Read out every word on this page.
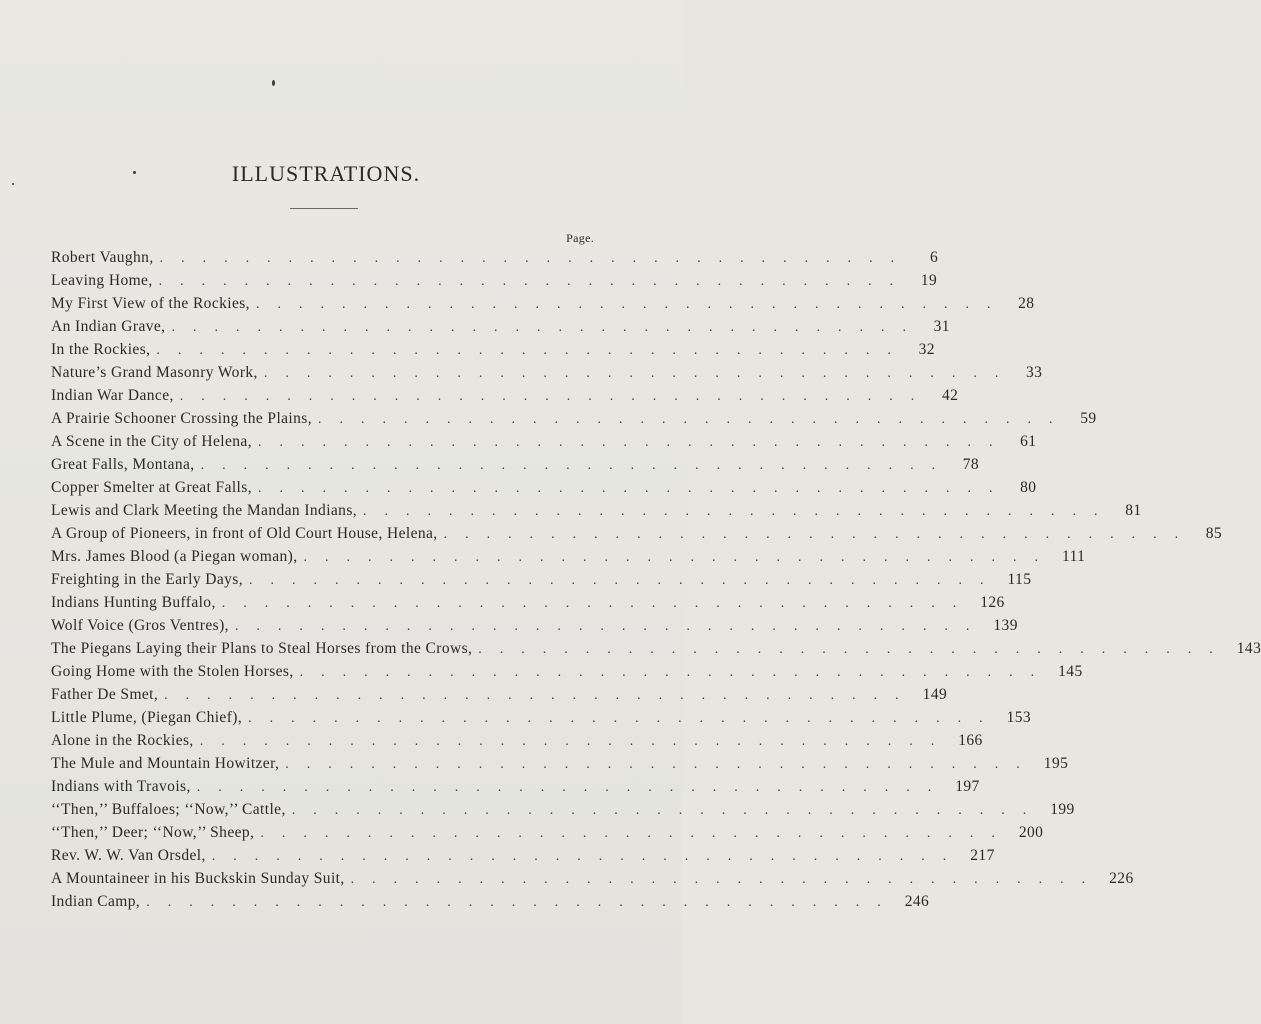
ILLUSTRATIONS.
Page.
Robert Vaughn, ...................................	6
Leaving Home, ................................... 19
My First View of the Rockies, ................................... 28
An Indian Grave, ................................... 31
In the Rockies, ................................... 32
Nature’s Grand Masonry Work, ................................... 33
Indian War Dance, ................................... 42
A Prairie Schooner Crossing the Plains, ................................... 59
A Scene in the City of Helena, ................................... 61
Great Falls, Montana, ................................... 78
Copper Smelter at Great Falls, ................................... 80
Lewis and Clark Meeting the Mandan Indians, ................................... 81
A Group of Pioneers, in front of Old Court House, Helena, ................................... 85
Mrs. James Blood (a Piegan woman), ................................... 111
Freighting in the Early Days, ................................... 115
Indians Hunting Buffalo, ................................... 126
Wolf Voice (Gros Ventres), ................................... 139
The Piegans Laying their Plans to Steal Horses from the Crows, ................................... 143
Going Home with the Stolen Horses, ................................... 145
Father De Smet, ................................... 149
Little Plume, (Piegan Chief), ................................... 153
Alone in the Rockies, ................................... 166
The Mule and Mountain Howitzer, ................................... 195
Indians with Travois, ................................... 197
‘‘Then,’’ Buffaloes; ‘‘Now,’’ Cattle, ................................... 199
‘‘Then,’’ Deer; ‘‘Now,’’ Sheep, ................................... 200
Rev. W. W. Van Orsdel, ................................... 217
A Mountaineer in his Buckskin Sunday Suit, ................................... 226
Indian Camp, ................................... 246
